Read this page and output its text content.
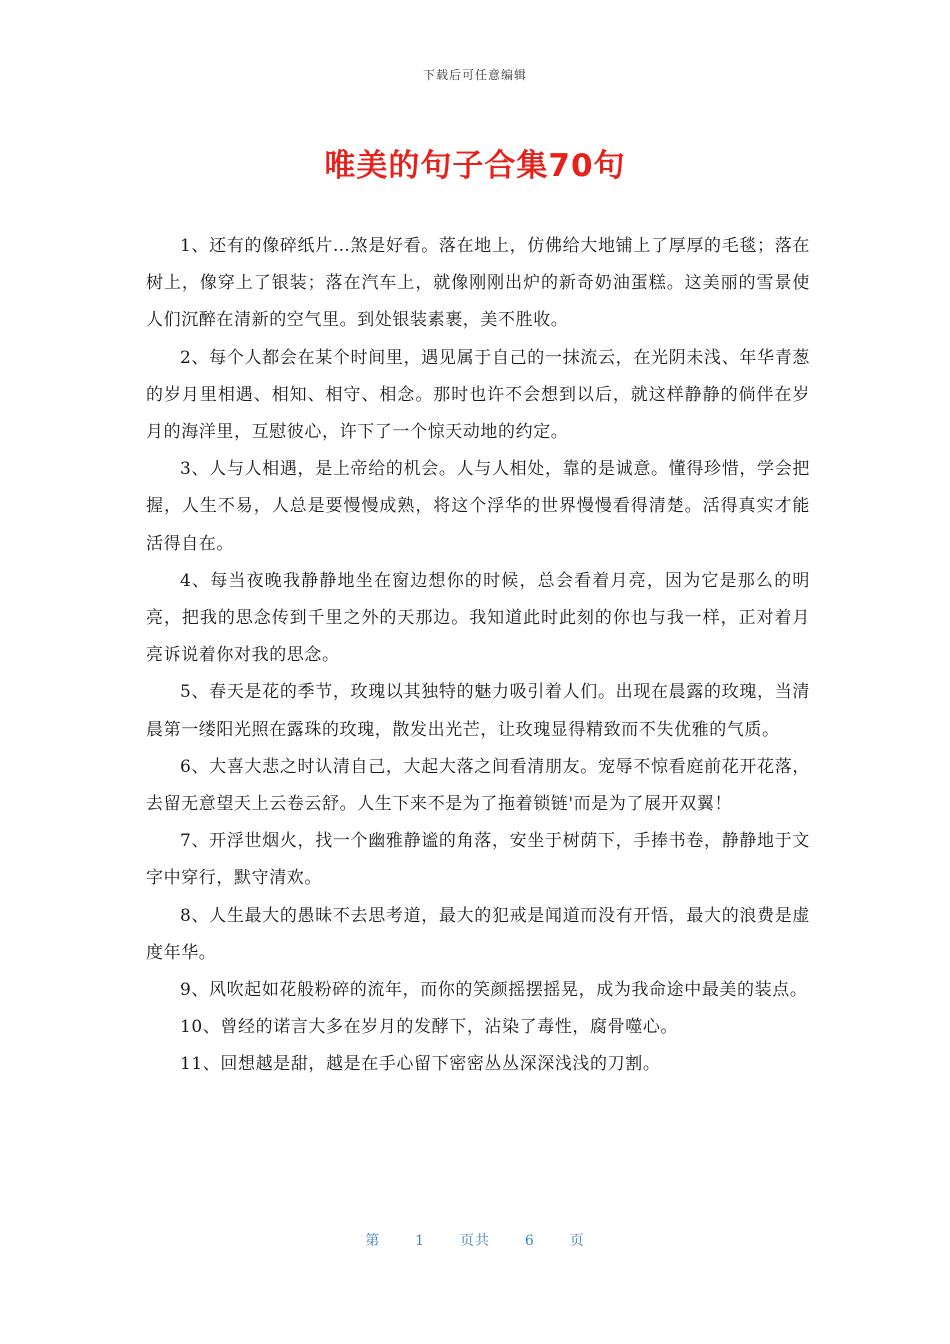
下载后可任意编辑
唯美的句子合集70句

1、还有的像碎纸片…煞是好看。落在地上，仿佛给大地铺上了厚厚的毛毯；落在树上，像穿上了银装；落在汽车上，就像刚刚出炉的新奇奶油蛋糕。这美丽的雪景使人们沉醉在清新的空气里。到处银装素裹，美不胜收。

2、每个人都会在某个时间里，遇见属于自己的一抹流云，在光阴未浅、年华青葱的岁月里相遇、相知、相守、相念。那时也许不会想到以后，就这样静静的倘伴在岁月的海洋里，互慰彼心，许下了一个惊天动地的约定。

3、人与人相遇，是上帝给的机会。人与人相处，靠的是诚意。懂得珍惜，学会把握，人生不易，人总是要慢慢成熟，将这个浮华的世界慢慢看得清楚。活得真实才能活得自在。

4、每当夜晚我静静地坐在窗边想你的时候，总会看着月亮，因为它是那么的明亮，把我的思念传到千里之外的天那边。我知道此时此刻的你也与我一样，正对着月亮诉说着你对我的思念。

5、春天是花的季节，玫瑰以其独特的魅力吸引着人们。出现在晨露的玫瑰，当清晨第一缕阳光照在露珠的玫瑰，散发出光芒，让玫瑰显得精致而不失优雅的气质。

6、大喜大悲之时认清自己，大起大落之间看清朋友。宠辱不惊看庭前花开花落，去留无意望天上云卷云舒。人生下来不是为了拖着锁链'而是为了展开双翼！

7、开浮世烟火，找一个幽雅静谧的角落，安坐于树荫下，手捧书卷，静静地于文字中穿行，默守清欢。

8、人生最大的愚昧不去思考道，最大的犯戒是闻道而没有开悟，最大的浪费是虚度年华。

9、风吹起如花般粉碎的流年，而你的笑颜摇摆摇晃，成为我命途中最美的装点。

10、曾经的诺言大多在岁月的发酵下，沾染了毒性，腐骨噬心。

11、回想越是甜，越是在手心留下密密丛丛深深浅浅的刀割。

第 1 页共 6 页
